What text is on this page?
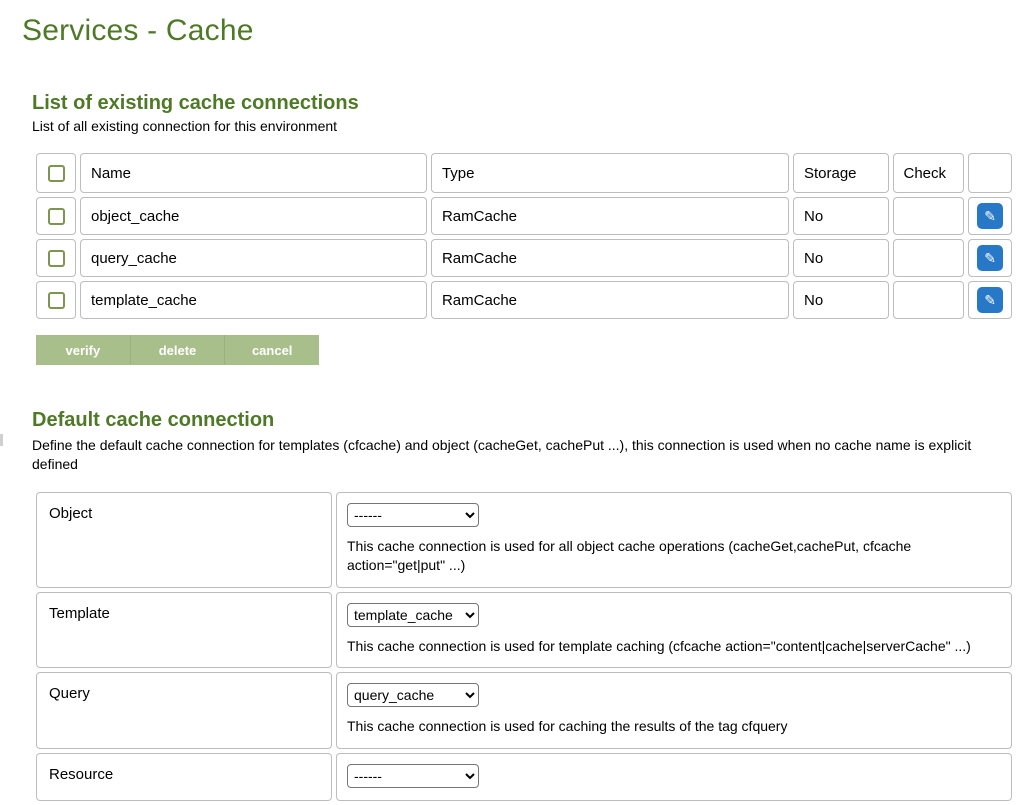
Services - Cache
List of existing cache connections
List of all existing connection for this environment

Name	Type	Storage	Check	

object_cache	RamCache	No		✎

query_cache	RamCache	No		✎

template_cache	RamCache	No		✎
verify	delete	cancel
Default cache connection
Define the default cache connection for templates (cfcache) and object (cacheGet, cachePut ...), this connection is used when no cache name is explicit defined
Object	
------
This cache connection is used for all object cache operations (cacheGet,cachePut, cfcache action="get|put" ...)

Template	
template_cache
This cache connection is used for template caching (cfcache action="content|cache|serverCache" ...)

Query	
query_cache
This cache connection is used for caching the results of the tag cfquery

Resource	
------
